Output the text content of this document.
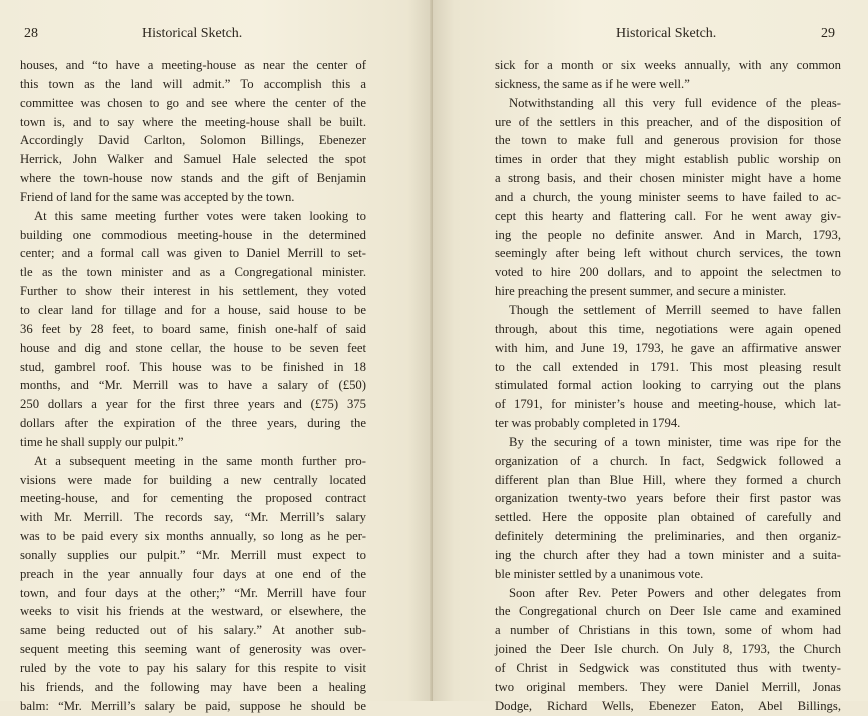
28	Historical Sketch.
houses, and “to have a meeting-house as near the center of
this town as the land will admit.” To accomplish this a
committee was chosen to go and see where the center of the
town is, and to say where the meeting-house shall be built.
Accordingly David Carlton, Solomon Billings, Ebenezer
Herrick, John Walker and Samuel Hale selected the spot
where the town-house now stands and the gift of Benjamin
Friend of land for the same was accepted by the town.
At this same meeting further votes were taken looking to
building one commodious meeting-house in the determined
center; and a formal call was given to Daniel Merrill to set-
tle as the town minister and as a Congregational minister.
Further to show their interest in his settlement, they voted
to clear land for tillage and for a house, said house to be
36 feet by 28 feet, to board same, finish one-half of said
house and dig and stone cellar, the house to be seven feet
stud, gambrel roof. This house was to be finished in 18
months, and “Mr. Merrill was to have a salary of (£50)
250 dollars a year for the first three years and (£75) 375
dollars after the expiration of the three years, during the
time he shall supply our pulpit.”
At a subsequent meeting in the same month further pro-
visions were made for building a new centrally located
meeting-house, and for cementing the proposed contract
with Mr. Merrill. The records say, “Mr. Merrill’s salary
was to be paid every six months annually, so long as he per-
sonally supplies our pulpit.” “Mr. Merrill must expect to
preach in the year annually four days at one end of the
town, and four days at the other;” “Mr. Merrill have four
weeks to visit his friends at the westward, or elsewhere, the
same being reducted out of his salary.” At another sub-
sequent meeting this seeming want of generosity was over-
ruled by the vote to pay his salary for this respite to visit
his friends, and the following may have been a healing
balm: “Mr. Merrill’s salary be paid, suppose he should be
Historical Sketch.	29
sick for a month or six weeks annually, with any common
sickness, the same as if he were well.”
Notwithstanding all this very full evidence of the pleas-
ure of the settlers in this preacher, and of the disposition of
the town to make full and generous provision for those
times in order that they might establish public worship on
a strong basis, and their chosen minister might have a home
and a church, the young minister seems to have failed to ac-
cept this hearty and flattering call. For he went away giv-
ing the people no definite answer. And in March, 1793,
seemingly after being left without church services, the town
voted to hire 200 dollars, and to appoint the selectmen to
hire preaching the present summer, and secure a minister.
Though the settlement of Merrill seemed to have fallen
through, about this time, negotiations were again opened
with him, and June 19, 1793, he gave an affirmative answer
to the call extended in 1791. This most pleasing result
stimulated formal action looking to carrying out the plans
of 1791, for minister’s house and meeting-house, which lat-
ter was probably completed in 1794.
By the securing of a town minister, time was ripe for the
organization of a church. In fact, Sedgwick followed a
different plan than Blue Hill, where they formed a church
organization twenty-two years before their first pastor was
settled. Here the opposite plan obtained of carefully and
definitely determining the preliminaries, and then organiz-
ing the church after they had a town minister and a suita-
ble minister settled by a unanimous vote.
Soon after Rev. Peter Powers and other delegates from
the Congregational church on Deer Isle came and examined
a number of Christians in this town, some of whom had
joined the Deer Isle church. On July 8, 1793, the Church
of Christ in Sedgwick was constituted thus with twenty-
two original members. They were Daniel Merrill, Jonas
Dodge, Richard Wells, Ebenezer Eaton, Abel Billings,
